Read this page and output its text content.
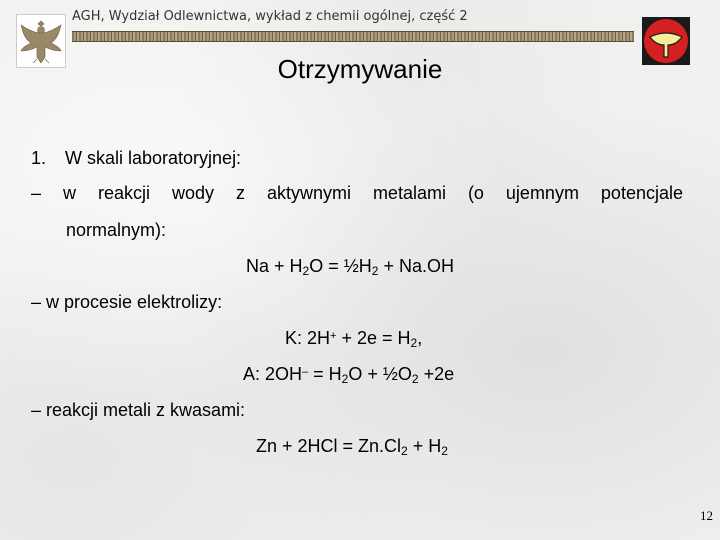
AGH, Wydział Odlewnictwa, wykład z chemii ogólnej, część 2
Otrzymywanie
1. W skali laboratoryjnej:
– w reakcji wody z aktywnymi metalami (o ujemnym potencjale
normalnym):
$Na + H_2O$ = $\frac{1}{2}H_2 + Na.OH$
– w procesie elektrolizy:
K: $2H^+ + 2e = H_2$,
A: $2OH^- = H_2O$ + $\frac{1}{2}O_2 +2e$
– reakcji metali z kwasami:
$Zn + 2HCl = Zn.Cl_2 + H_2$
12
